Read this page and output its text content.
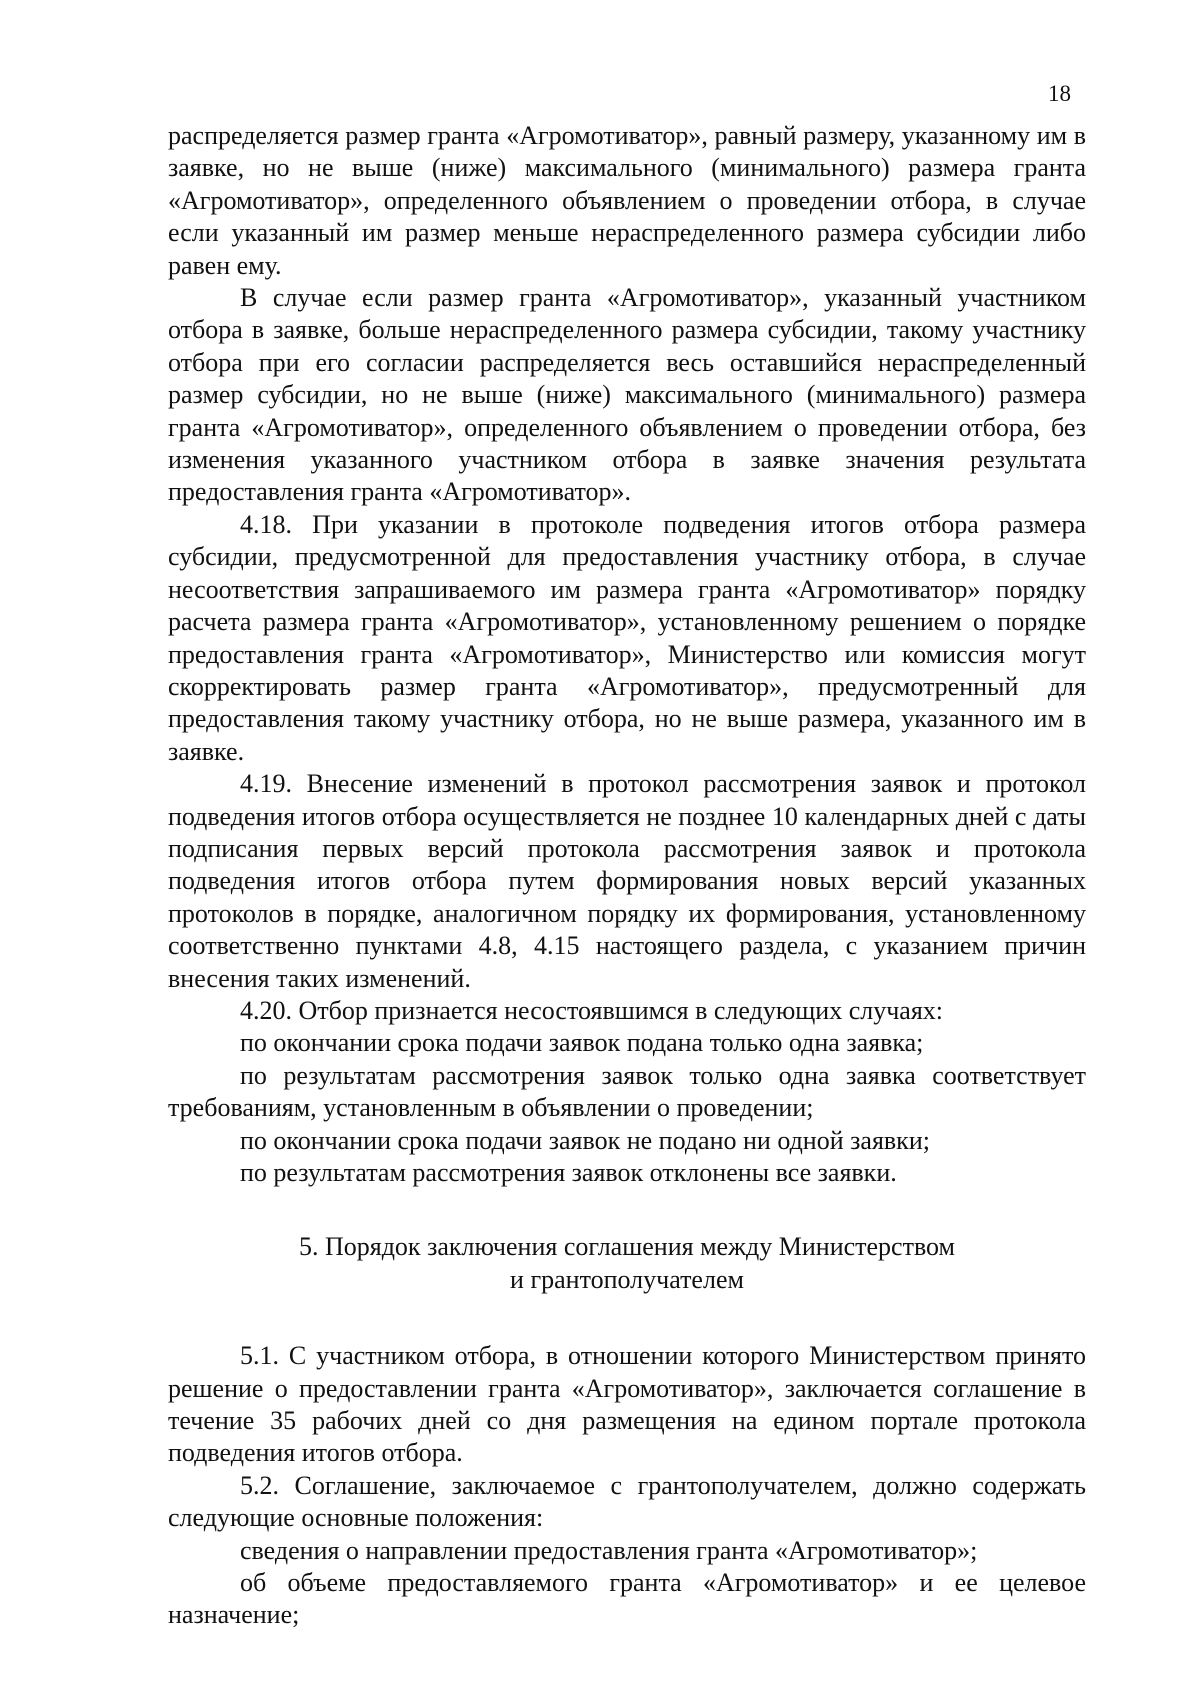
18

распределяется размер гранта «Агромотиватор», равный размеру, указанному им в заявке, но не выше (ниже) максимального (минимального) размера гранта «Агромотиватор», определенного объявлением о проведении отбора, в случае если указанный им размер меньше нераспределенного размера субсидии либо равен ему.

В случае если размер гранта «Агромотиватор», указанный участником отбора в заявке, больше нераспределенного размера субсидии, такому участнику отбора при его согласии распределяется весь оставшийся нераспределенный размер субсидии, но не выше (ниже) максимального (минимального) размера гранта «Агромотиватор», определенного объявлением о проведении отбора, без изменения указанного участником отбора в заявке значения результата предоставления гранта «Агромотиватор».

4.18. При указании в протоколе подведения итогов отбора размера субсидии, предусмотренной для предоставления участнику отбора, в случае несоответствия запрашиваемого им размера гранта «Агромотиватор» порядку расчета размера гранта «Агромотиватор», установленному решением о порядке предоставления гранта «Агромотиватор», Министерство или комиссия могут скорректировать размер гранта «Агромотиватор», предусмотренный для предоставления такому участнику отбора, но не выше размера, указанного им в заявке.

4.19. Внесение изменений в протокол рассмотрения заявок и протокол подведения итогов отбора осуществляется не позднее 10 календарных дней с даты подписания первых версий протокола рассмотрения заявок и протокола подведения итогов отбора путем формирования новых версий указанных протоколов в порядке, аналогичном порядку их формирования, установленному соответственно пунктами 4.8, 4.15 настоящего раздела, с указанием причин внесения таких изменений.

4.20. Отбор признается несостоявшимся в следующих случаях:

по окончании срока подачи заявок подана только одна заявка;

по результатам рассмотрения заявок только одна заявка соответствует требованиям, установленным в объявлении о проведении;

по окончании срока подачи заявок не подано ни одной заявки;

по результатам рассмотрения заявок отклонены все заявки.

5. Порядок заключения соглашения между Министерством
и грантополучателем

5.1. С участником отбора, в отношении которого Министерством принято решение о предоставлении гранта «Агромотиватор», заключается соглашение в течение 35 рабочих дней со дня размещения на едином портале протокола подведения итогов отбора.

5.2. Соглашение, заключаемое с грантополучателем, должно содержать следующие основные положения:

сведения о направлении предоставления гранта «Агромотиватор»;

об объеме предоставляемого гранта «Агромотиватор» и ее целевое назначение;
